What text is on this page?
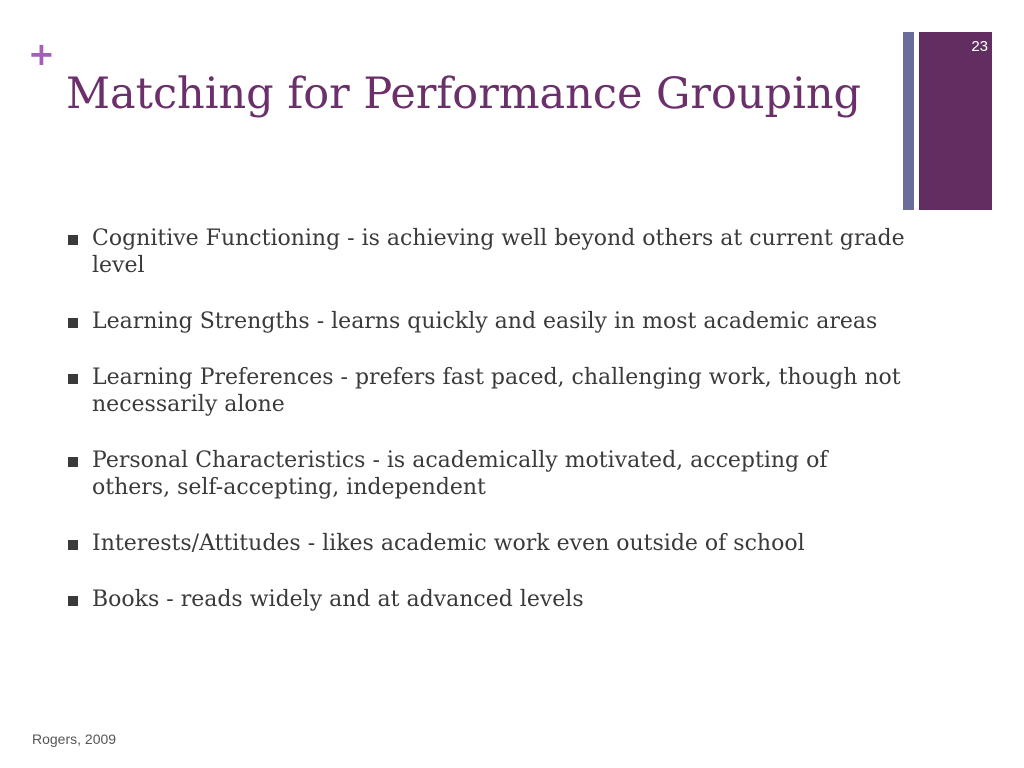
+
Matching for Performance Grouping
23
Cognitive Functioning - is achieving well beyond others at current grade level
Learning Strengths - learns quickly and easily in most academic areas
Learning Preferences - prefers fast paced, challenging work, though not necessarily alone
Personal Characteristics - is academically motivated, accepting of others, self-accepting, independent
Interests/Attitudes - likes academic work even outside of school
Books - reads widely and at advanced levels
Rogers, 2009
